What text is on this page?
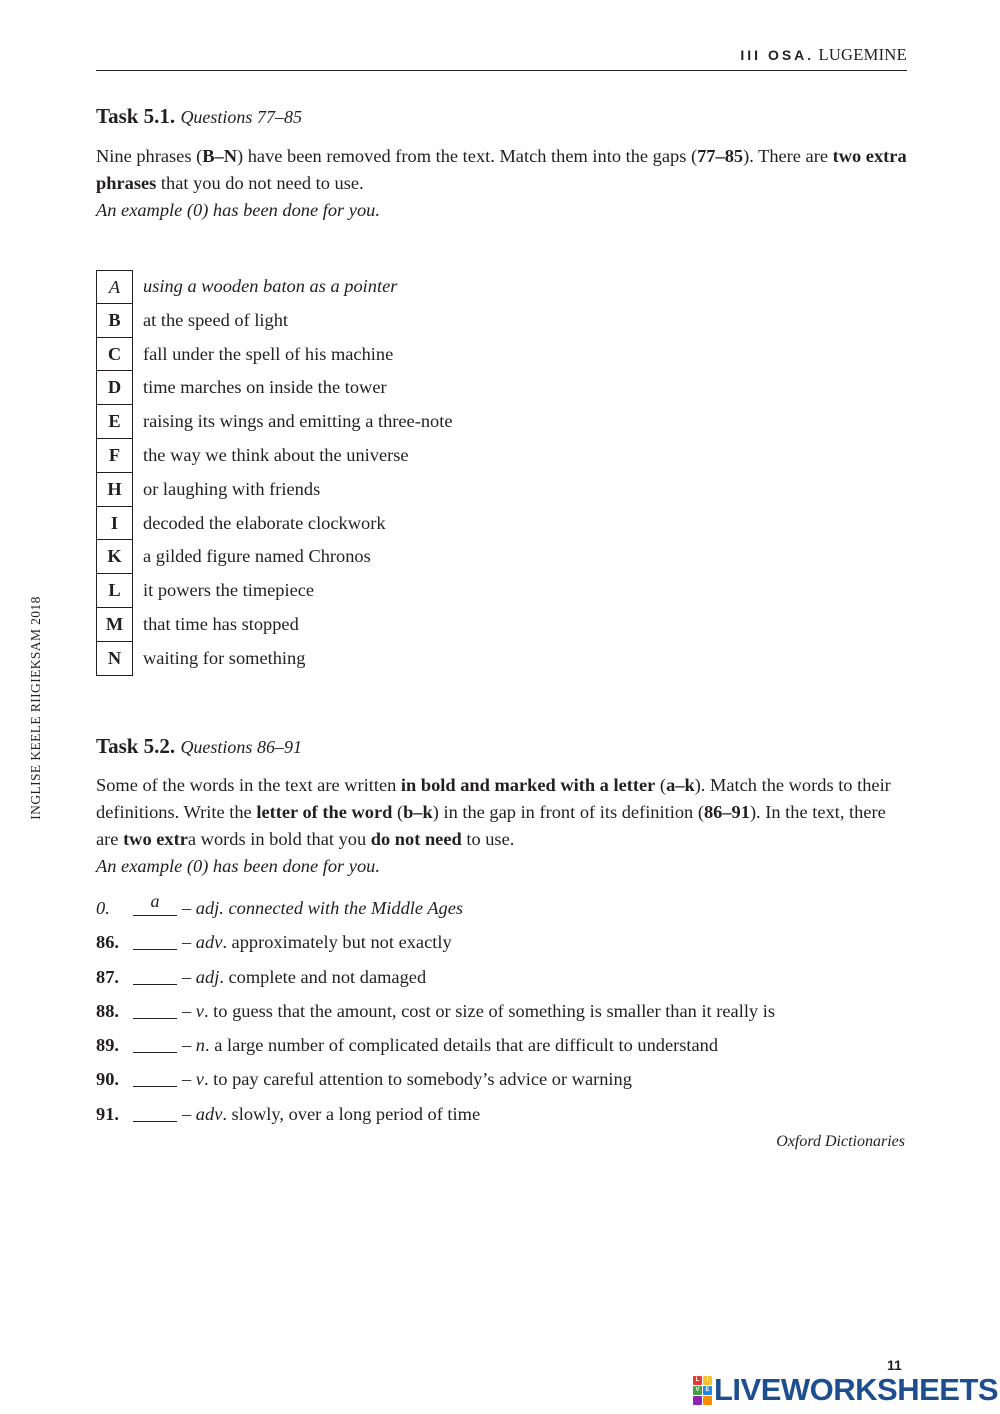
III OSA. LUGEMINE
INGLISE KEELE RIIGIEKSAM 2018
Task 5.1. Questions 77–85

Nine phrases (B–N) have been removed from the text. Match them into the gaps (77–85). There are two extra phrases that you do not need to use.

An example (0) has been done for you.

A	using a wooden baton as a pointer
B	at the speed of light
C	fall under the spell of his machine
D	time marches on inside the tower
E	raising its wings and emitting a three-note
F	the way we think about the universe
H	or laughing with friends
I	decoded the elaborate clockwork
K	a gilded figure named Chronos
L	it powers the timepiece
M	that time has stopped
N	waiting for something
Task 5.2. Questions 86–91

Some of the words in the text are written in bold and marked with a letter (a–k). Match the words to their definitions. Write the letter of the word (b–k) in the gap in front of its definition (86–91). In the text, there are two extra words in bold that you do not need to use.

An example (0) has been done for you.

0.	a	– adj. connected with the Middle Ages
86.	– adv. approximately but not exactly
87.	– adj. complete and not damaged
88.	– v. to guess that the amount, cost or size of something is smaller than it really is
89.	– n. a large number of complicated details that are difficult to understand
90.	– v. to pay careful attention to somebody’s advice or warning
91.	– adv. slowly, over a long period of time
Oxford Dictionaries
11
L	I
V E LIVEWORKSHEETS
